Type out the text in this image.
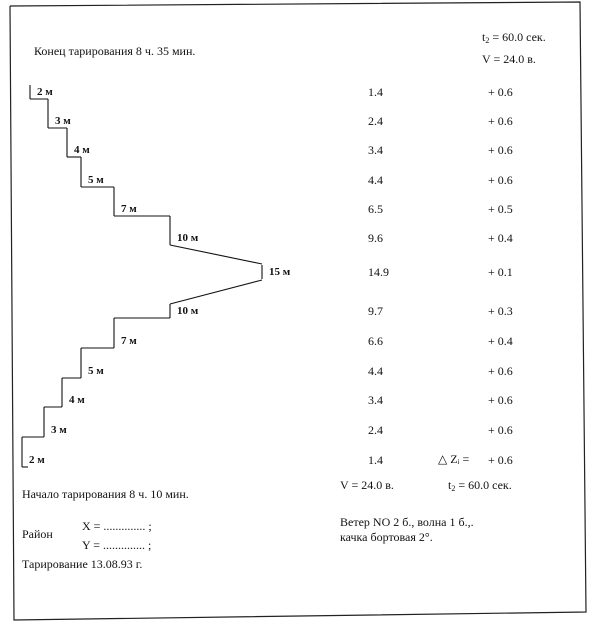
Конец тарирования 8 ч. 35 мин.
$t_2 = 60.0$ сек.
V = 24.0 в.
2 м	1.4	+ 0.6
3 м	2.4	+ 0.6
4 м	3.4	+ 0.6
5 м	4.4	+ 0.6
7 м	6.5	+ 0.5
10 м	9.6	+ 0.4
15 м	14.9	+ 0.1
10 м	9.7	+ 0.3
7 м	6.6	+ 0.4
5 м	4.4	+ 0.6
4 м	3.4	+ 0.6
3 м	2.4	+ 0.6
2 м	1.4	+ 0.6
△ Zᵢ =
V = 24.0 в.	$t_2 = 60.0$ сек.
Начало тарирования 8 ч. 10 мин.
Район
X = .............. ;
Y = .............. ;
Тарирование 13.08.93 г.
Ветер NO 2 б., волна 1 б.,.
качка бортовая 2°.
